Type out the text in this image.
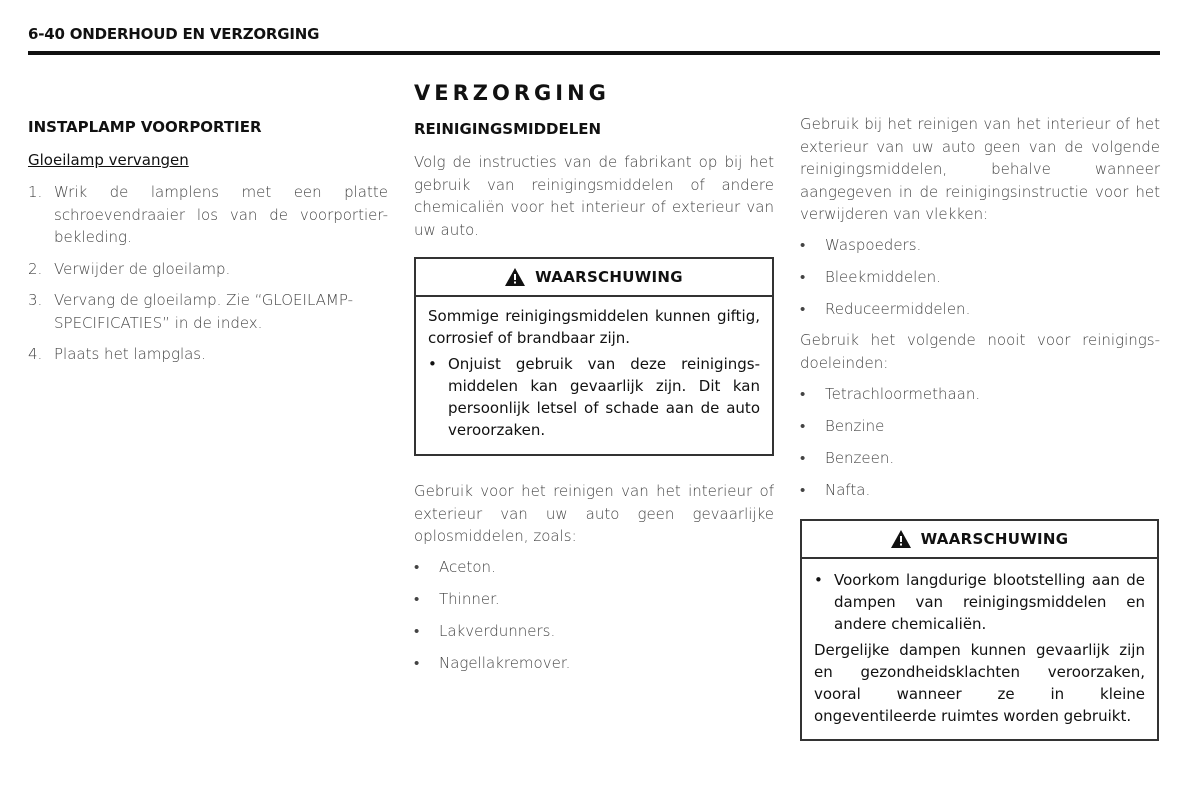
6-40 ONDERHOUD EN VERZORGING
INSTAPLAMP VOORPORTIER
Gloeilamp vervangen
1. Wrik de lamplens met een platte schroevendraaier los van de voorportier-bekleding.
2. Verwijder de gloeilamp.
3. Vervang de gloeilamp. Zie “GLOEILAMP-SPECIFICATIES” in de index.
4. Plaats het lampglas.
VERZORGING
REINIGINGSMIDDELEN

Volg de instructies van de fabrikant op bij het gebruik van reinigingsmiddelen of andere chemicaliën voor het interieur of exterieur van uw auto.

WAARSCHUWING

Sommige reinigingsmiddelen kunnen giftig, corrosief of brandbaar zijn.

• Onjuist gebruik van deze reinigings-middelen kan gevaarlijk zijn. Dit kan persoonlijk letsel of schade aan de auto veroorzaken.

Gebruik voor het reinigen van het interieur of exterieur van uw auto geen gevaarlijke oplosmiddelen, zoals:

•	Aceton.
•	Thinner.
•	Lakverdunners.
•	Nagellakremover.

Gebruik bij het reinigen van het interieur of het exterieur van uw auto geen van de volgende reinigingsmiddelen, behalve wanneer aangegeven in de reinigingsinstructie voor het verwijderen van vlekken:

•	Waspoeders.
•	Bleekmiddelen.
•	Reduceermiddelen.

Gebruik het volgende nooit voor reinigings-doeleinden:

•	Tetrachloormethaan.
•	Benzine
•	Benzeen.
•	Nafta.
WAARSCHUWING
• Voorkom langdurige blootstelling aan de dampen van reinigingsmiddelen en andere chemicaliën.

Dergelijke dampen kunnen gevaarlijk zijn en gezondheidsklachten veroorzaken, vooral wanneer ze in kleine ongeventileerde ruimtes worden gebruikt.
